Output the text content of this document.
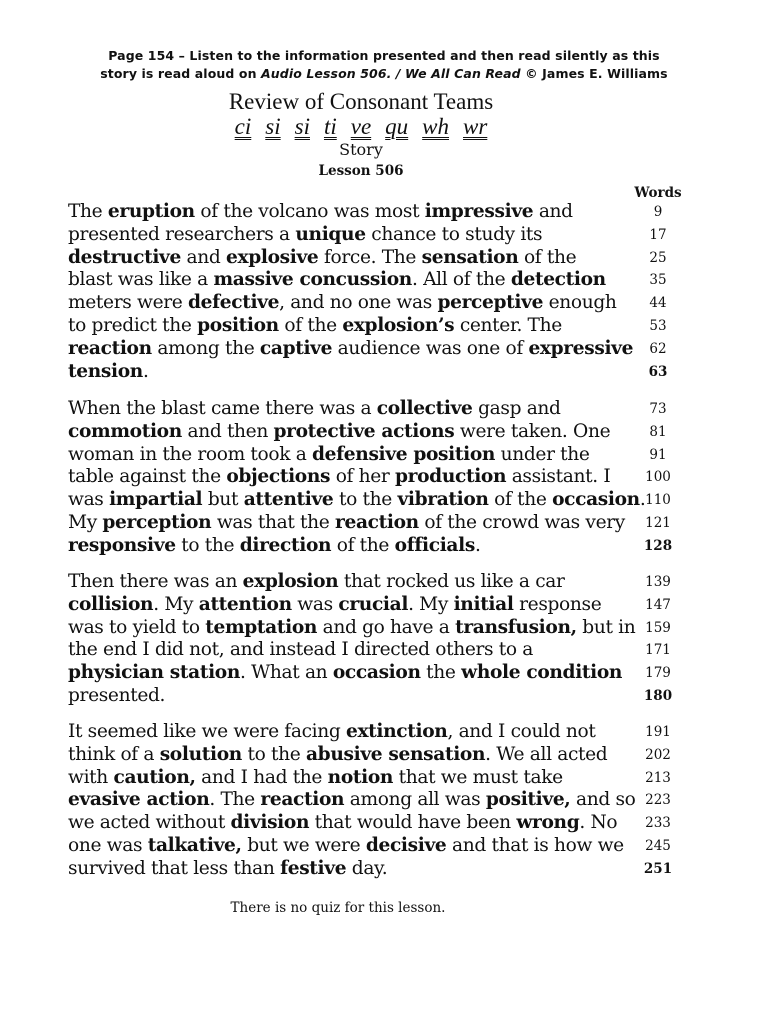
Page 154 – Listen to the information presented and then read silently as this
story is read aloud on Audio Lesson 506. / We All Can Read © James E. Williams
Review of Consonant Teams
ci si si ti ve qu wh wr
Story
Lesson 506
Words
The eruption of the volcano was most impressive and	9
presented researchers a unique chance to study its	17
destructive and explosive force. The sensation of the	25
blast was like a massive concussion. All of the detection	35
meters were defective, and no one was perceptive enough	44
to predict the position of the explosion’s center. The	53
reaction among the captive audience was one of expressive	62
tension.	63
When the blast came there was a collective gasp and	73
commotion and then protective actions were taken. One	81
woman in the room took a defensive position under the	91
table against the objections of her production assistant. I	100
was impartial but attentive to the vibration of the occasion. 110
My perception was that the reaction of the crowd was very	121
responsive to the direction of the officials.	128
Then there was an explosion that rocked us like a car	139
collision. My attention was crucial. My initial response	147
was to yield to temptation and go have a transfusion, but in 159
the end I did not, and instead I directed others to a	171
physician station. What an occasion the whole condition	179
presented.	180
It seemed like we were facing extinction, and I could not	191
think of a solution to the abusive sensation. We all acted	202
with caution, and I had the notion that we must take	213
evasive action. The reaction among all was positive, and so 223
we acted without division that would have been wrong. No	233
one was talkative, but we were decisive and that is how we	245
survived that less than festive day.	251
There is no quiz for this lesson.
